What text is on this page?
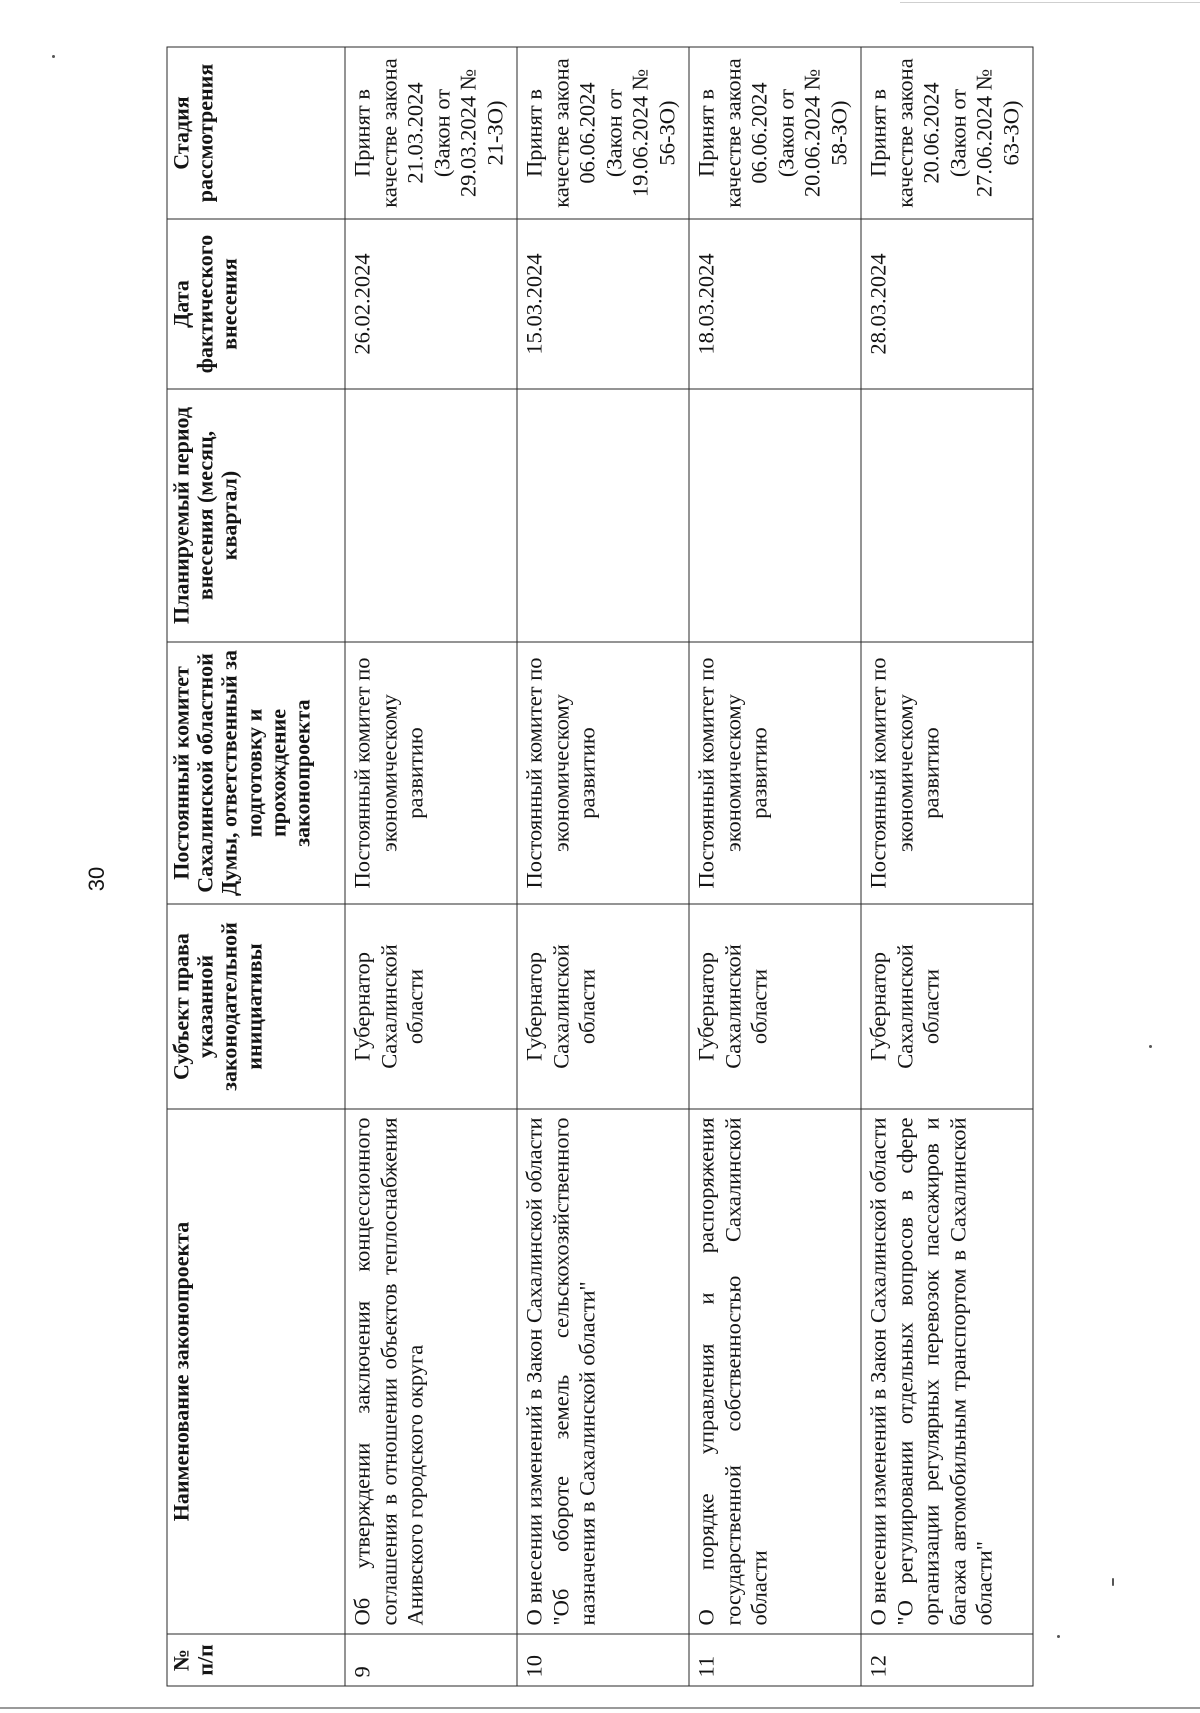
30
№ п/п	Наименование законопроекта	Субъект права указанной законодательной инициативы	Постоянный комитет Сахалинской областной Думы, ответственный за подготовку и прохождение законопроекта	Планируемый период внесения (месяц, квартал)	Дата фактического внесения	Стадия рассмотрения
9	Об утверждении заключения концессионного соглашения в отношении объектов теплоснабжения Анивского городского округа	Губернатор Сахалинской области	Постоянный комитет по экономическому развитию		26.02.2024	Принят в качестве закона 21.03.2024 (Закон от 29.03.2024 № 21-ЗО)
10	О внесении изменений в Закон Сахалинской области "Об обороте земель сельскохозяйственного назначения в Сахалинской области"	Губернатор Сахалинской области	Постоянный комитет по экономическому развитию		15.03.2024	Принят в качестве закона 06.06.2024 (Закон от 19.06.2024 № 56-ЗО)
11	О порядке управления и распоряжения государственной собственностью Сахалинской области	Губернатор Сахалинской области	Постоянный комитет по экономическому развитию		18.03.2024	Принят в качестве закона 06.06.2024 (Закон от 20.06.2024 № 58-ЗО)
12	О внесении изменений в Закон Сахалинской области "О регулировании отдельных вопросов в сфере организации регулярных перевозок пассажиров и багажа автомобильным транспортом в Сахалинской области"	Губернатор Сахалинской области	Постоянный комитет по экономическому развитию		28.03.2024	Принят в качестве закона 20.06.2024 (Закон от 27.06.2024 № 63-ЗО)
